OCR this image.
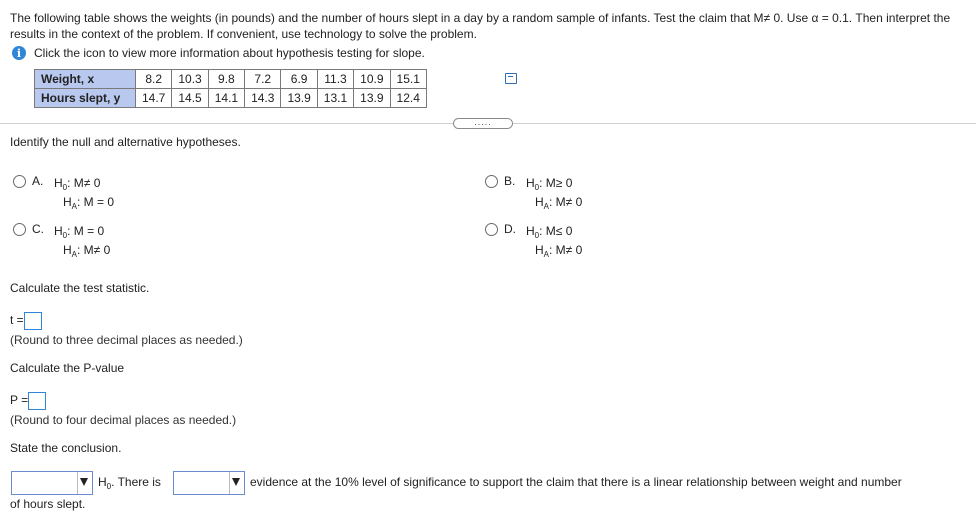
The following table shows the weights (in pounds) and the number of hours slept in a day by a random sample of infants. Test the claim that M≠ 0. Use α = 0.1. Then interpret the results in the context of the problem. If convenient, use technology to solve the problem.
i	Click the icon to view more information about hypothesis testing for slope.
Weight, x	8.2	10.3	9.8	7.2	6.9	11.3	10.9	15.1
Hours slept, y	14.7	14.5	14.1	14.3	13.9	13.1	13.9	12.4
.....
Identify the null and alternative hypotheses.
A. $H_0$: M≠ 0
$H_A$: M = 0
B. $H_0$: M≥ 0
$H_A$: M≠ 0
C. $H_0$: M = 0
$H_A$: M≠ 0
D. $H_0$: M≤ 0
$H_A$: M≠ 0
Calculate the test statistic.
t =
(Round to three decimal places as needed.)
Calculate the P-value
P =
(Round to four decimal places as needed.)
State the conclusion.
$H_0$. There is	evidence at the 10% level of significance to support the claim that there is a linear relationship between weight and number
of hours slept.
